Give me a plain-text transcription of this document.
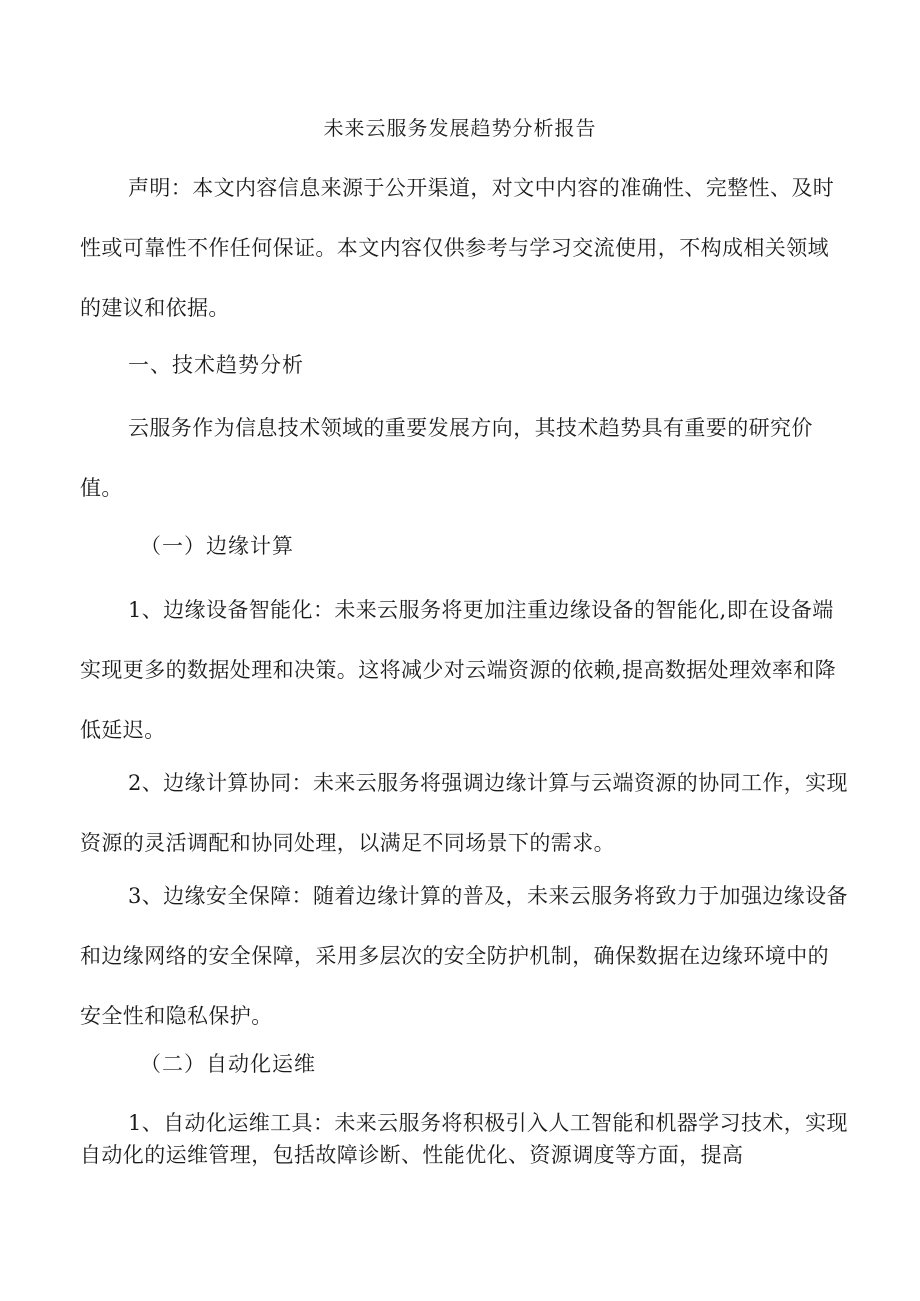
未来云服务发展趋势分析报告

声明：本文内容信息来源于公开渠道，对文中内容的准确性、完整性、及时性或可靠性不作任何保证。本文内容仅供参考与学习交流使用，不构成相关领域的建议和依据。

一、技术趋势分析

云服务作为信息技术领域的重要发展方向，其技术趋势具有重要的研究价值。

（一）边缘计算

1、边缘设备智能化：未来云服务将更加注重边缘设备的智能化,即在设备端实现更多的数据处理和决策。这将减少对云端资源的依赖,提高数据处理效率和降低延迟。

2、边缘计算协同：未来云服务将强调边缘计算与云端资源的协同工作，实现资源的灵活调配和协同处理，以满足不同场景下的需求。

3、边缘安全保障：随着边缘计算的普及，未来云服务将致力于加强边缘设备和边缘网络的安全保障，采用多层次的安全防护机制，确保数据在边缘环境中的安全性和隐私保护。

（二）自动化运维

1、自动化运维工具：未来云服务将积极引入人工智能和机器学习技术，实现自动化的运维管理，包括故障诊断、性能优化、资源调度等方面，提高
